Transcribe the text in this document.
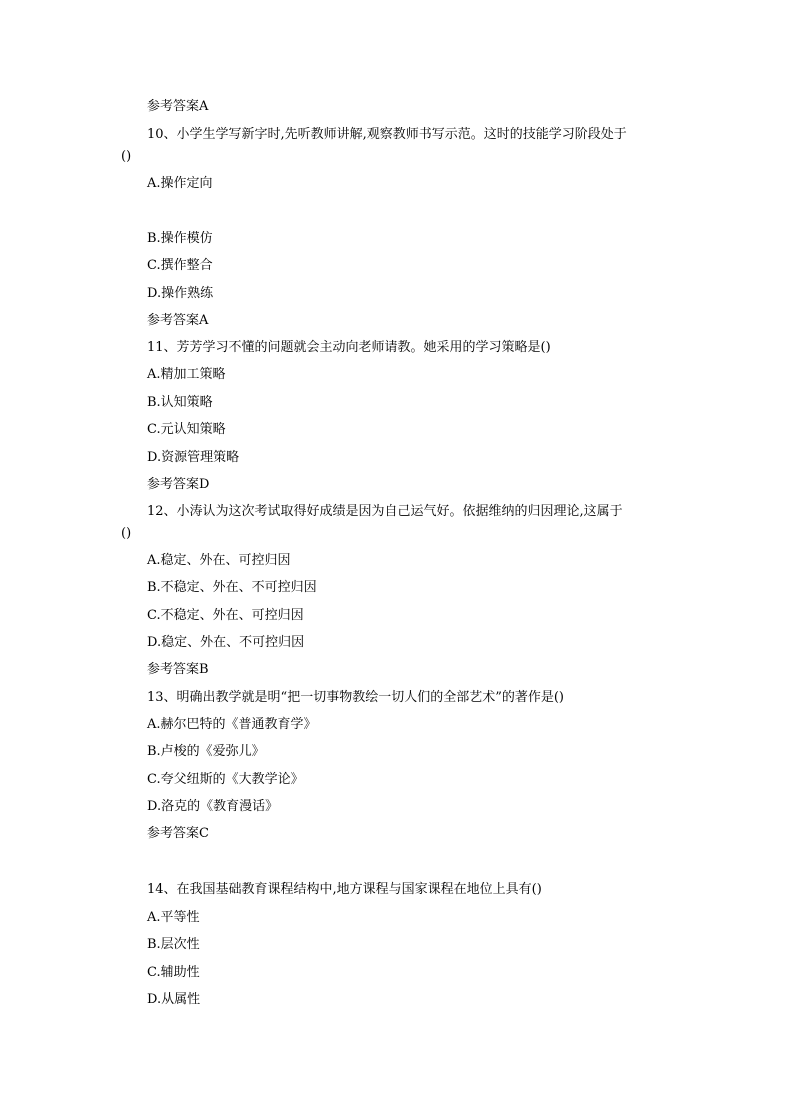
参考答案A
10、小学生学写新字时,先听教师讲解,观察教师书写示范。这时的技能学习阶段处于
()
A.操作定向
B.操作模仿
C.撰作整合
D.操作熟练
参考答案A
11、芳芳学习不懂的问题就会主动向老师请教。她采用的学习策略是()
A.精加工策略
B.认知策略
C.元认知策略
D.资源管理策略
参考答案D
12、小涛认为这次考试取得好成绩是因为自己运气好。依据维纳的归因理论,这属于
()
A.稳定、外在、可控归因
B.不稳定、外在、不可控归因
C.不稳定、外在、可控归因
D.稳定、外在、不可控归因
参考答案B
13、明确出教学就是明“把一切事物教绘一切人们的全部艺术”的著作是()
A.赫尔巴特的《普通教育学》
B.卢梭的《爱弥儿》
C.夸父纽斯的《大教学论》
D.洛克的《教育漫话》
参考答案C
14、在我国基础教育课程结构中,地方课程与国家课程在地位上具有()
A.平等性
B.层次性
C.辅助性
D.从属性
